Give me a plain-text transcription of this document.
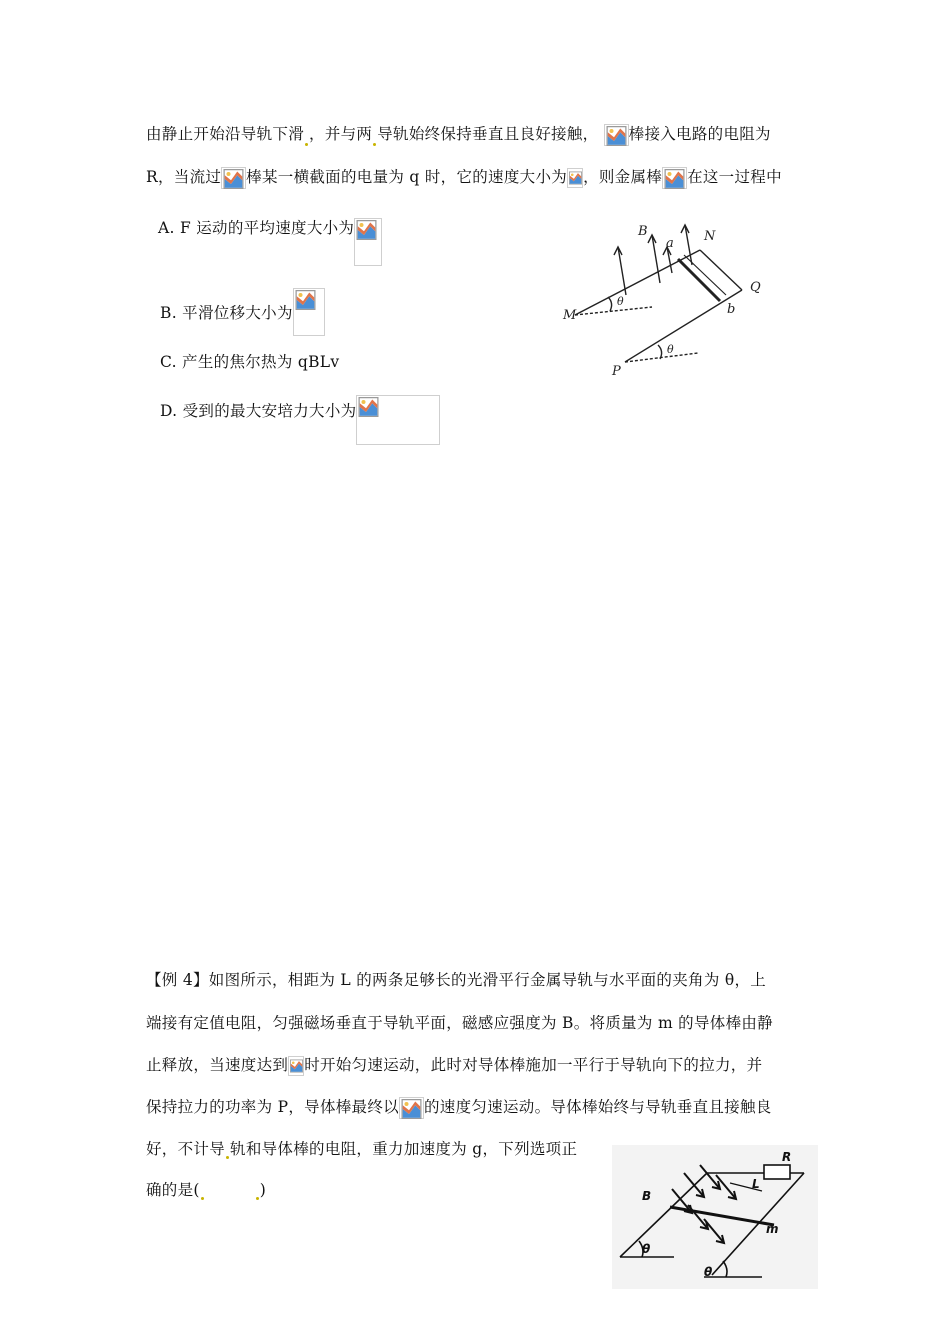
由静止开始沿导轨下滑 ，并与两 导轨始终保持垂直且良好接触， 棒接入电路的电阻为
R，当流过 棒某一横截面的电量为 q 时，它的速度大小为 ，则金属棒 在这一过程中
A. F 运动的平均速度大小为
B. 平滑位移大小为
C. 产生的焦尔热为 qBLv
D. 受到的最大安培力大小为
B
a N
Q
b
M
P
θ
θ
【例 4】如图所示，相距为 L 的两条足够长的光滑平行金属导轨与水平面的夹角为 θ，上
端接有定值电阻，匀强磁场垂直于导轨平面，磁感应强度为 B。将质量为 m 的导体棒由静
止释放，当速度达到 时开始匀速运动，此时对导体棒施加一平行于导轨向下的拉力，并
保持拉力的功率为 P，导体棒最终以 的速度匀速运动。导体棒始终与导轨垂直且接触良
好，不计导 轨和导体棒的电阻，重力加速度为 g，下列选项正
确的是(	)
R
L
B
m
θ
θ
